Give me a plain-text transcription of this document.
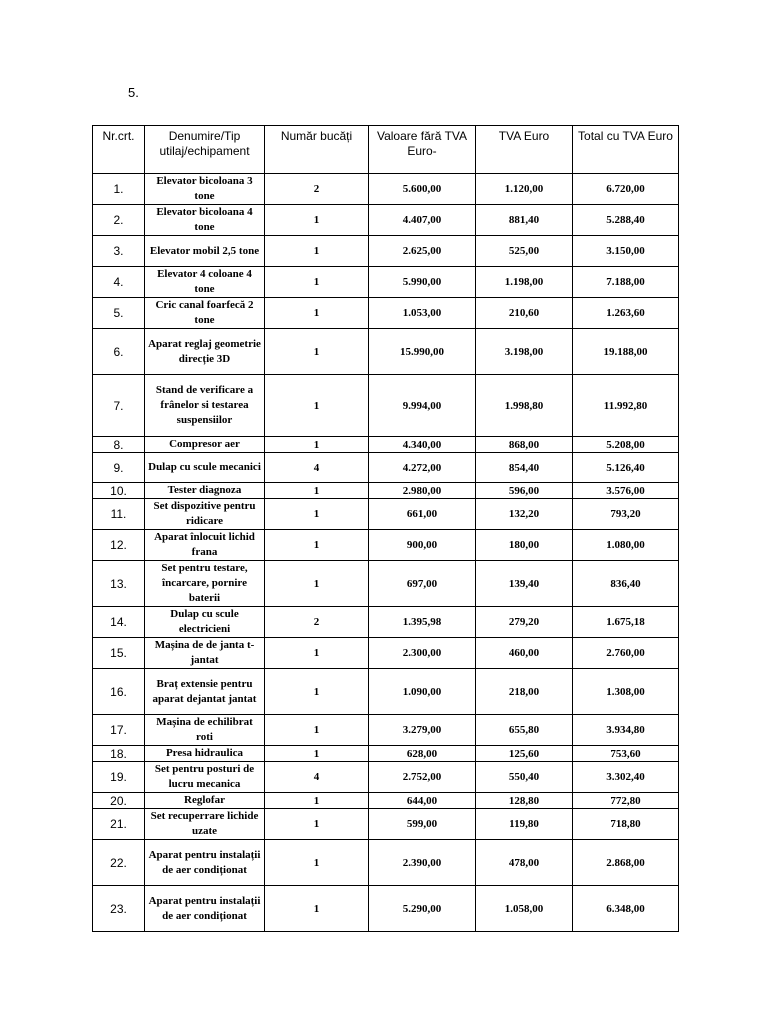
5.
Nr.crt.	Denumire/Tip utilaj/echipament	Număr bucăți	Valoare fără TVA Euro-	TVA Euro	Total cu TVA Euro
1.	Elevator bicoloana 3 tone	2	5.600,00	1.120,00	6.720,00
2.	Elevator bicoloana 4 tone	1	4.407,00	881,40	5.288,40
3.	Elevator mobil 2,5 tone	1	2.625,00	525,00	3.150,00
4.	Elevator 4 coloane 4 tone	1	5.990,00	1.198,00	7.188,00
5.	Cric canal foarfecă 2 tone	1	1.053,00	210,60	1.263,60
6.	Aparat reglaj geometrie direcție 3D	1	15.990,00	3.198,00	19.188,00
7.	Stand de verificare a frânelor si testarea suspensiilor	1	9.994,00	1.998,80	11.992,80
8.	Compresor aer	1	4.340,00	868,00	5.208,00
9.	Dulap cu scule mecanici	4	4.272,00	854,40	5.126,40
10.	Tester diagnoza	1	2.980,00	596,00	3.576,00
11.	Set dispozitive pentru ridicare	1	661,00	132,20	793,20
12.	Aparat înlocuit lichid frana	1	900,00	180,00	1.080,00
13.	Set pentru testare, încarcare, pornire baterii	1	697,00	139,40	836,40
14.	Dulap cu scule electricieni	2	1.395,98	279,20	1.675,18
15.	Mașina de de janta t-jantat	1	2.300,00	460,00	2.760,00
16.	Braț extensie pentru aparat dejantat jantat	1	1.090,00	218,00	1.308,00
17.	Mașina de echilibrat roti	1	3.279,00	655,80	3.934,80
18.	Presa hidraulica	1	628,00	125,60	753,60
19.	Set pentru posturi de lucru mecanica	4	2.752,00	550,40	3.302,40
20.	Reglofar	1	644,00	128,80	772,80
21.	Set recuperrare lichide uzate	1	599,00	119,80	718,80
22.	Aparat pentru instalații de aer condiționat	1	2.390,00	478,00	2.868,00
23.	Aparat pentru instalații de aer condiționat	1	5.290,00	1.058,00	6.348,00
